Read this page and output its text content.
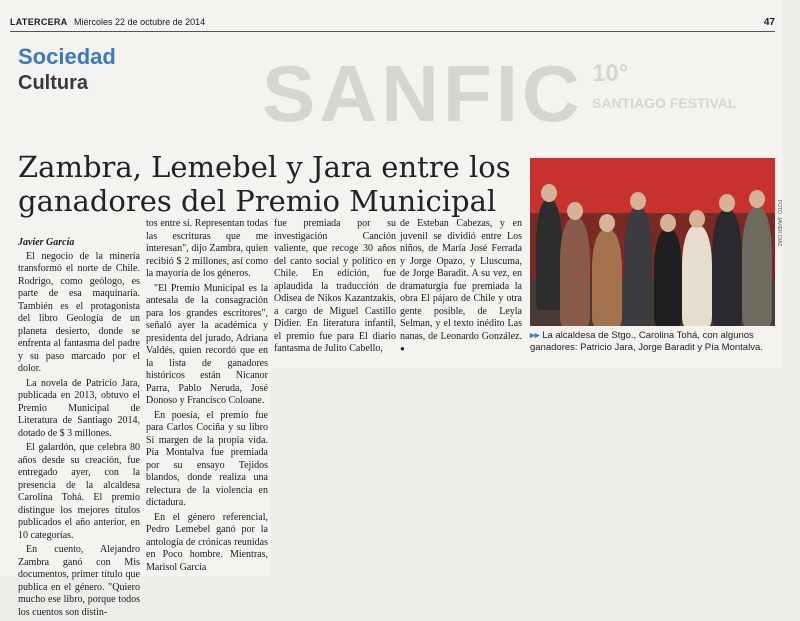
LATERCERA Miércoles 22 de octubre de 2014	47
Sociedad
Cultura SANFIC 10°
SANTIAGO FESTIVAL
Zambra, Lemebel y Jara entre los ganadores del Premio Municipal
Javier García

El negocio de la minería transformó el norte de Chile. Rodrigo, como geólogo, es parte de esa maquinaria. También es el protagonista del libro Geología de un planeta desierto, donde se enfrenta al fantasma del padre y su paso marcado por el dolor.

La novela de Patricio Jara, publicada en 2013, obtuvo el Premio Municipal de Literatura de Santiago 2014, dotado de $ 3 millones.

El galardón, que celebra 80 años desde su creación, fue entregado ayer, con la presencia de la alcaldesa Carolina Tohá. El premio distingue los mejores títulos publicados el año anterior, en 10 categorías.

En cuento, Alejandro Zambra ganó con Mis documentos, primer título que publica en el género. "Quiero mucho ese libro, porque todos los cuentos son distin-

tos entre sí. Representan todas las escrituras que me interesan", dijo Zambra, quien recibió $ 2 millones, así como la mayoría de los géneros.

"El Premio Municipal es la antesala de la consagración para los grandes escritores", señaló ayer la académica y presidenta del jurado, Adriana Valdés, quien recordó que en la lista de ganadores históricos están Nicanor Parra, Pablo Neruda, José Donoso y Francisco Coloane.

En poesía, el premio fue para Carlos Cociña y su libro Sí margen de la propia vida. Pía Montalva fue premiada por su ensayo Tejidos blandos, donde realiza una relectura de la violencia en dictadura.

En el género referencial, Pedro Lemebel ganó por la antología de crónicas reunidas en Poco hombre. Mientras, Marisol García

fue premiada por su investigación Canción valiente, que recoge 30 años del canto social y político en Chile. En edición, fue aplaudida la traducción de Odisea de Nikos Kazantzakis, a cargo de Miguel Castillo Didier. En literatura infantil, el premio fue para El diario fantasma de Julito Cabello,

de Esteban Cabezas, y en juvenil se dividió entre Los niños, de María José Ferrada y Jorge Opazo, y Lluscuma, de Jorge Baradit. A su vez, en dramaturgia fue premiada la obra El pájaro de Chile y otra gente posible, de Leyla Selman, y el texto inédito Las nanas, de Leonardo González. ●

FOTO: JAVIER DIAZ
▸▸ La alcaldesa de Stgo., Carolina Tohá, con algunos ganadores: Patricio Jara, Jorge Baradit y Pía Montalva.
